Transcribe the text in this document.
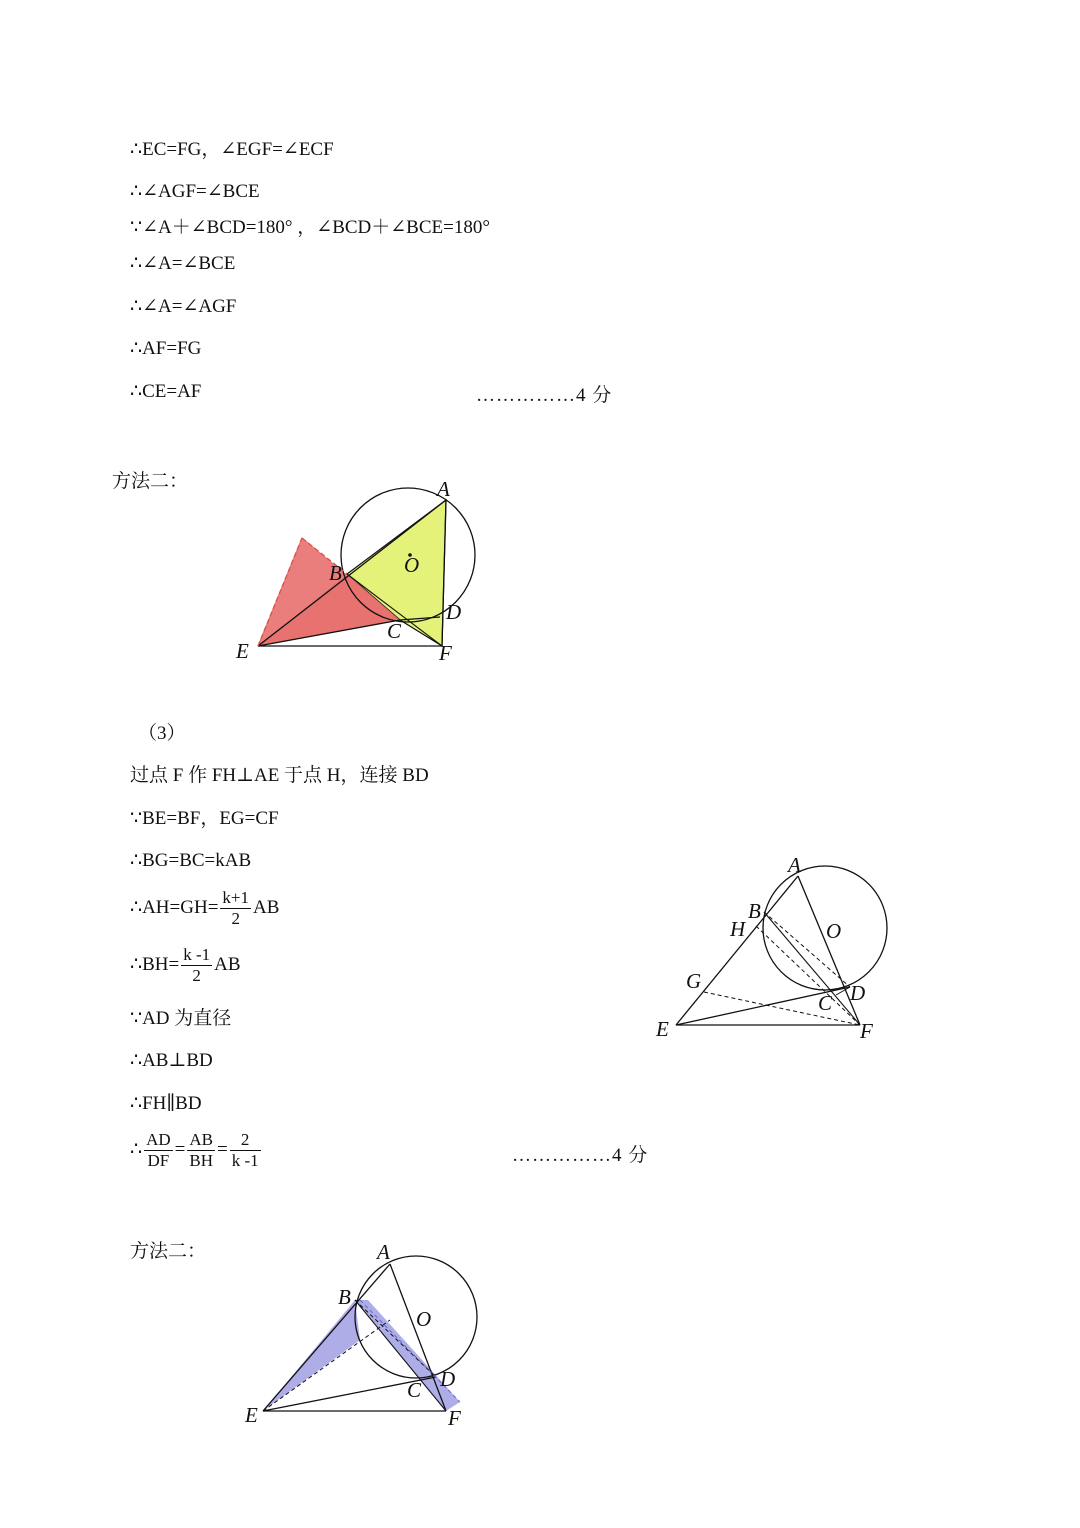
∴EC=FG，∠EGF=∠ECF
∴∠AGF=∠BCE
∵∠A＋∠BCD=180° ，∠BCD＋∠BCE=180°
∴∠A=∠BCE
∴∠A=∠AGF
∴AF=FG
∴CE=AF	……………4 分
方法二：	A
O
B
D
C
E	F
（3）
过点 F 作 FH⊥AE 于点 H，连接 BD
∵BE=BF，EG=CF
∴BG=BC=kAB
∴AH=GH= $\frac{k+1}{2}$ AB
∴BH= $\frac{k -1}{2}$ AB
∵AD 为直径
∴AB⊥BD
∴FH∥BD
∴ $\frac{AD}{DF} = \frac{AB}{BH} = \frac{2}{k -1}$	……………4 分
A
B
H	O
G
C D
E	F
方法二：	A
B
O
C D
E	F
